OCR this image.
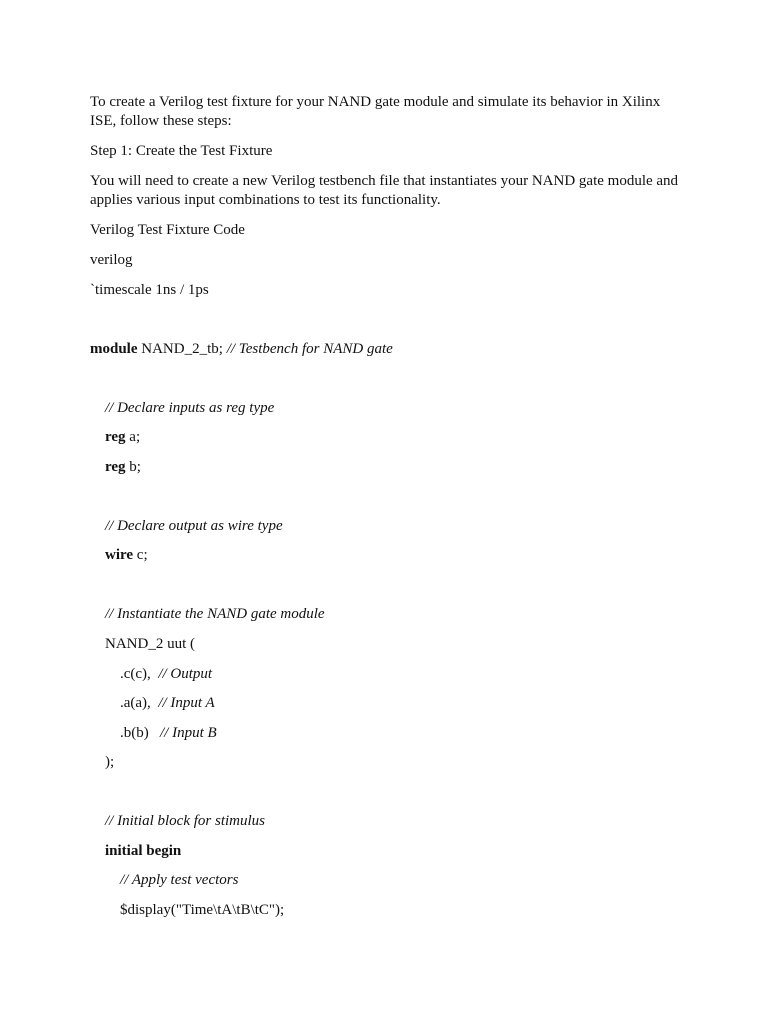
To create a Verilog test fixture for your NAND gate module and simulate its behavior in Xilinx ISE, follow these steps:

Step 1: Create the Test Fixture

You will need to create a new Verilog testbench file that instantiates your NAND gate module and applies various input combinations to test its functionality.

Verilog Test Fixture Code

verilog

`timescale 1ns / 1ps
module NAND_2_tb; // Testbench for NAND gate
// Declare inputs as reg type
reg a;
reg b;
// Declare output as wire type
wire c;
// Instantiate the NAND gate module
NAND_2 uut (
.c(c),  // Output
.a(a),  // Input A
.b(b)   // Input B
);
// Initial block for stimulus
initial begin
// Apply test vectors
$display("Time\tA\tB\tC");
